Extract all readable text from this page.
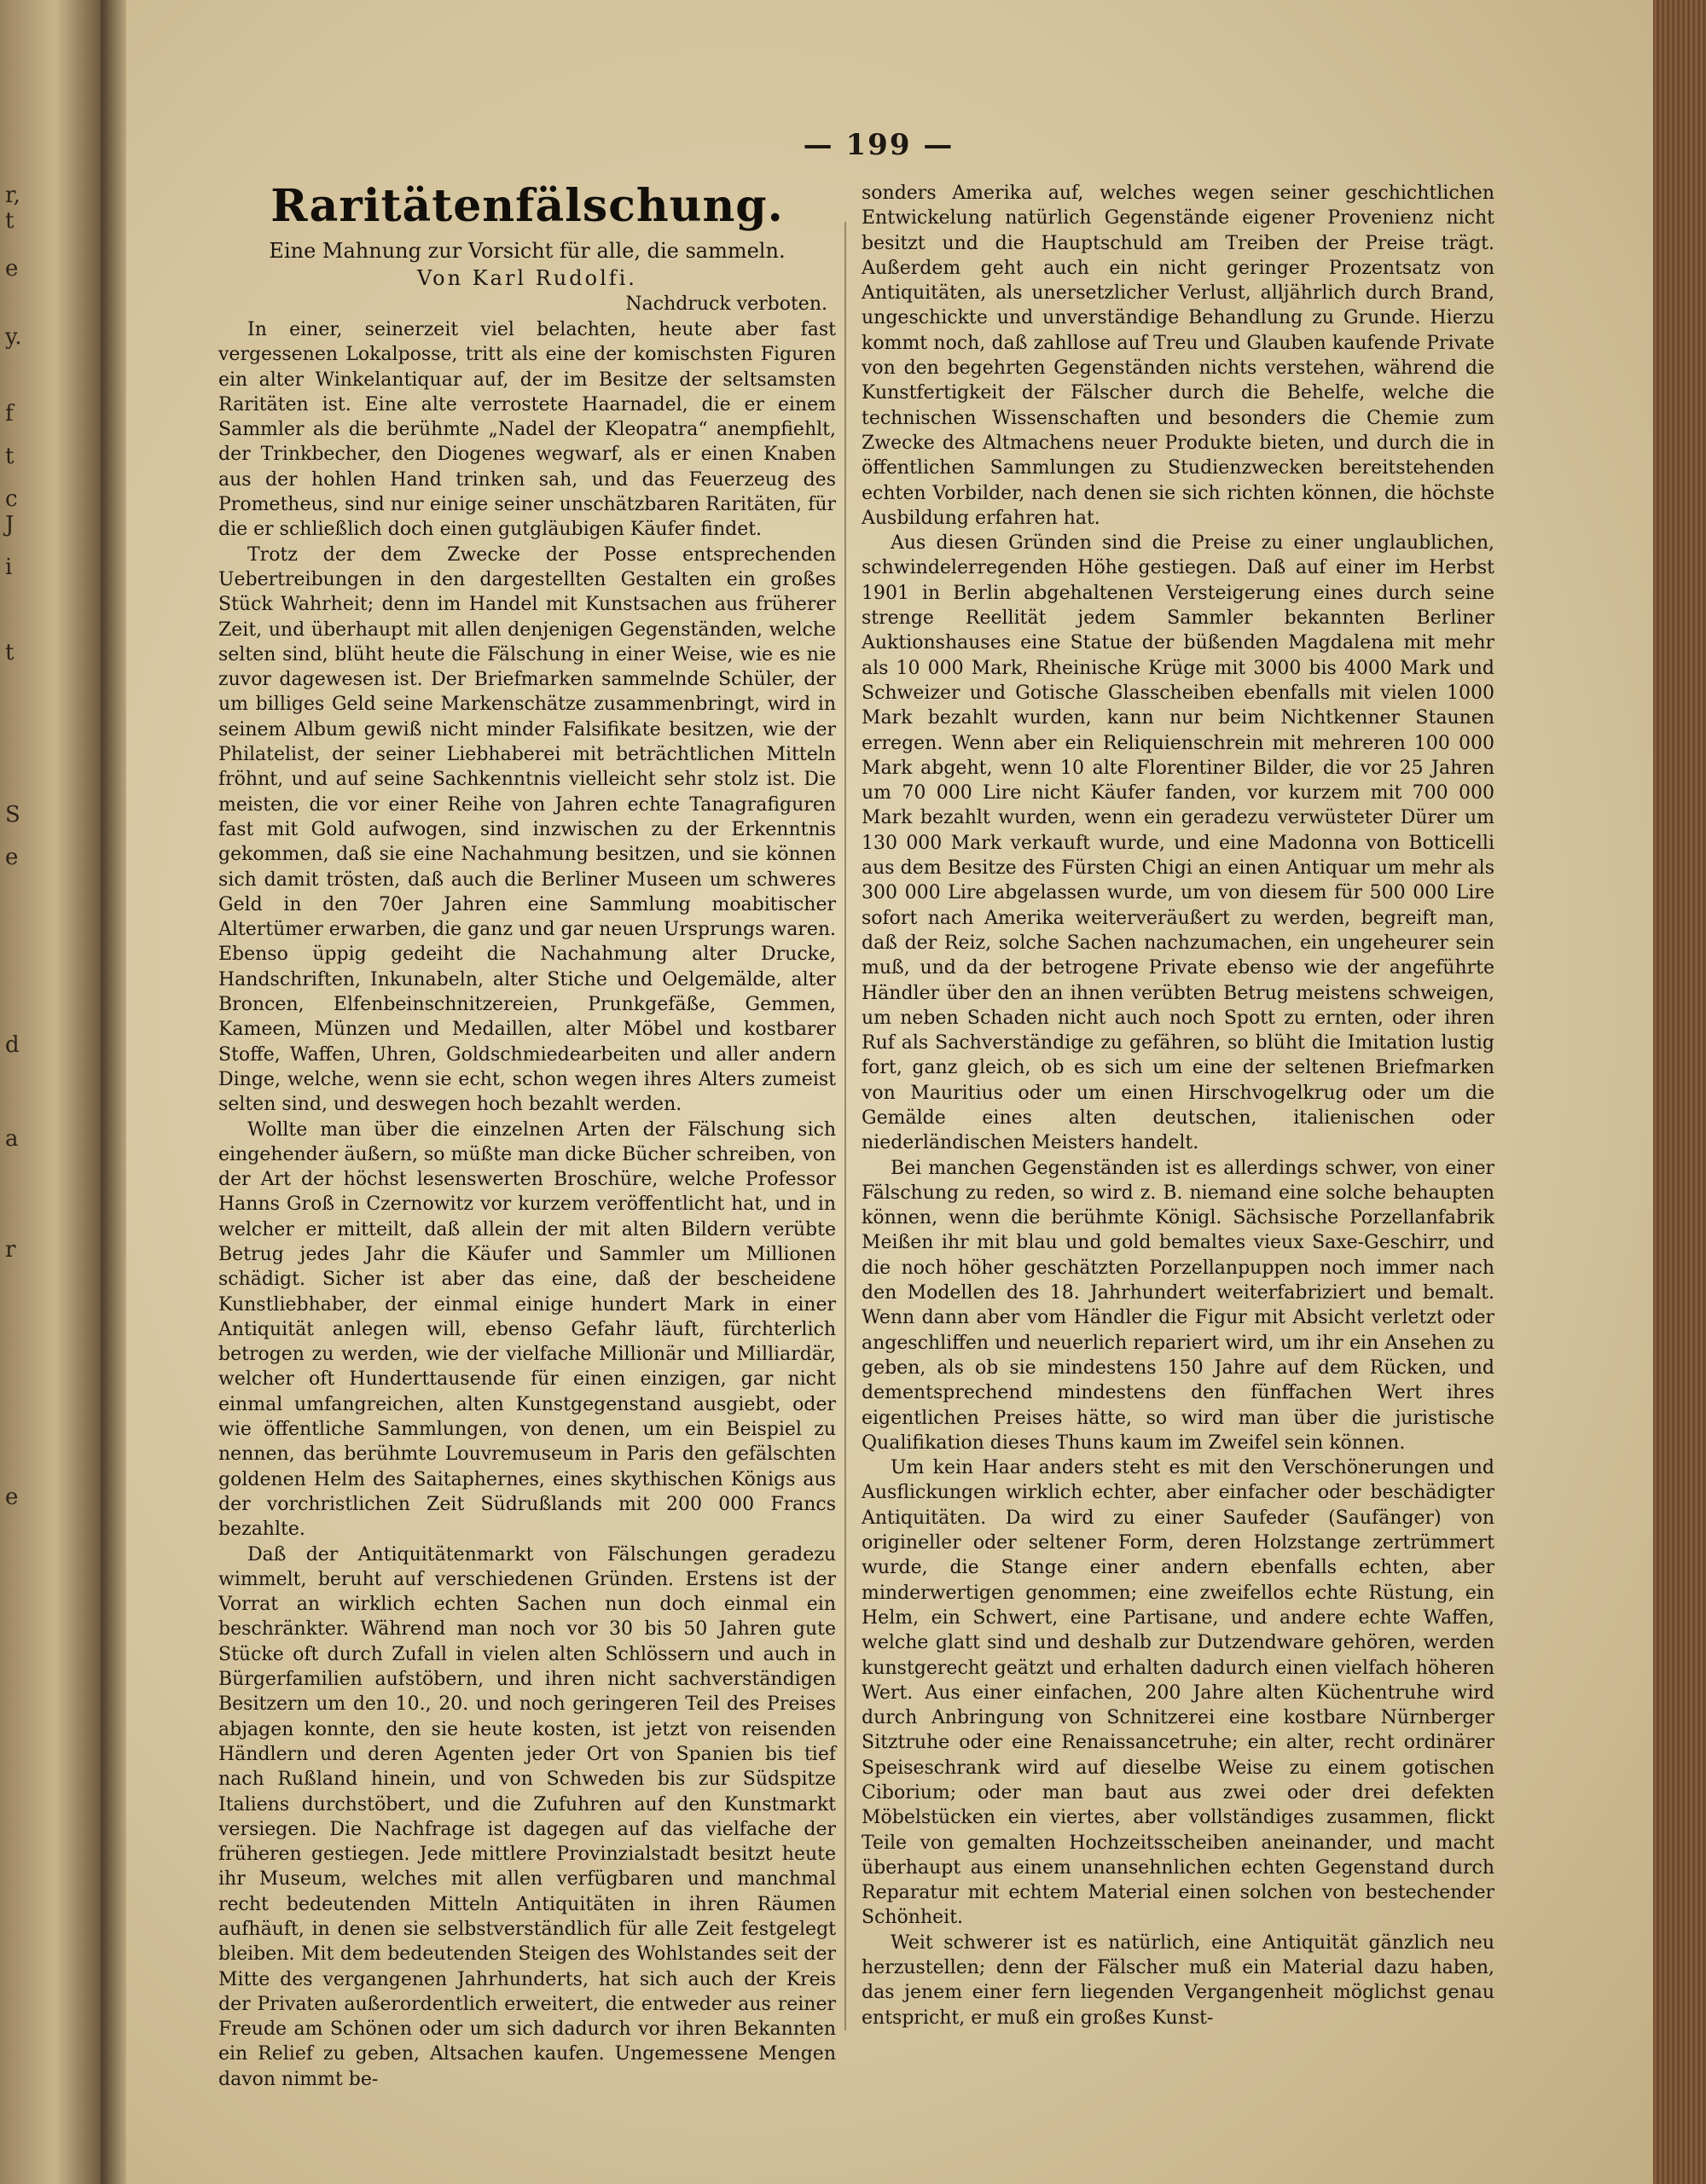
r,
t
e
y.
f
t
c
J
i
t
S
e
d
a
r
e
— 199 —
Raritätenfälschung.

Eine Mahnung zur Vorsicht für alle, die sammeln.

Von Karl Rudolfi.

Nachdruck verboten.

In einer, seinerzeit viel belachten, heute aber fast vergessenen Lokalposse, tritt als eine der komischsten Figuren ein alter Winkelantiquar auf, der im Besitze der seltsamsten Raritäten ist. Eine alte verrostete Haarnadel, die er einem Sammler als die berühmte „Nadel der Kleopatra“ anempfiehlt, der Trinkbecher, den Diogenes wegwarf, als er einen Knaben aus der hohlen Hand trinken sah, und das Feuerzeug des Prometheus, sind nur einige seiner unschätzbaren Raritäten, für die er schließlich doch einen gutgläubigen Käufer findet.

Trotz der dem Zwecke der Posse entsprechenden Uebertreibungen in den dargestellten Gestalten ein großes Stück Wahrheit; denn im Handel mit Kunstsachen aus früherer Zeit, und überhaupt mit allen denjenigen Gegenständen, welche selten sind, blüht heute die Fälschung in einer Weise, wie es nie zuvor dagewesen ist. Der Briefmarken sammelnde Schüler, der um billiges Geld seine Markenschätze zusammenbringt, wird in seinem Album gewiß nicht minder Falsifikate besitzen, wie der Philatelist, der seiner Liebhaberei mit beträchtlichen Mitteln fröhnt, und auf seine Sachkenntnis vielleicht sehr stolz ist. Die meisten, die vor einer Reihe von Jahren echte Tanagrafiguren fast mit Gold aufwogen, sind inzwischen zu der Erkenntnis gekommen, daß sie eine Nachahmung besitzen, und sie können sich damit trösten, daß auch die Berliner Museen um schweres Geld in den 70er Jahren eine Sammlung moabitischer Altertümer erwarben, die ganz und gar neuen Ursprungs waren. Ebenso üppig gedeiht die Nachahmung alter Drucke, Handschriften, Inkunabeln, alter Stiche und Oelgemälde, alter Broncen, Elfenbeinschnitzereien, Prunkgefäße, Gemmen, Kameen, Münzen und Medaillen, alter Möbel und kostbarer Stoffe, Waffen, Uhren, Goldschmiedearbeiten und aller andern Dinge, welche, wenn sie echt, schon wegen ihres Alters zumeist selten sind, und deswegen hoch bezahlt werden.

Wollte man über die einzelnen Arten der Fälschung sich eingehender äußern, so müßte man dicke Bücher schreiben, von der Art der höchst lesenswerten Broschüre, welche Professor Hanns Groß in Czernowitz vor kurzem veröffentlicht hat, und in welcher er mitteilt, daß allein der mit alten Bildern verübte Betrug jedes Jahr die Käufer und Sammler um Millionen schädigt. Sicher ist aber das eine, daß der bescheidene Kunstliebhaber, der einmal einige hundert Mark in einer Antiquität anlegen will, ebenso Gefahr läuft, fürchterlich betrogen zu werden, wie der vielfache Millionär und Milliardär, welcher oft Hunderttausende für einen einzigen, gar nicht einmal umfangreichen, alten Kunstgegenstand ausgiebt, oder wie öffentliche Sammlungen, von denen, um ein Beispiel zu nennen, das berühmte Louvremuseum in Paris den gefälschten goldenen Helm des Saitaphernes, eines skythischen Königs aus der vorchristlichen Zeit Südrußlands mit 200 000 Francs bezahlte.

Daß der Antiquitätenmarkt von Fälschungen geradezu wimmelt, beruht auf verschiedenen Gründen. Erstens ist der Vorrat an wirklich echten Sachen nun doch einmal ein beschränkter. Während man noch vor 30 bis 50 Jahren gute Stücke oft durch Zufall in vielen alten Schlössern und auch in Bürgerfamilien aufstöbern, und ihren nicht sachverständigen Besitzern um den 10., 20. und noch geringeren Teil des Preises abjagen konnte, den sie heute kosten, ist jetzt von reisenden Händlern und deren Agenten jeder Ort von Spanien bis tief nach Rußland hinein, und von Schweden bis zur Südspitze Italiens durchstöbert, und die Zufuhren auf den Kunstmarkt versiegen. Die Nachfrage ist dagegen auf das vielfache der früheren gestiegen. Jede mittlere Provinzialstadt besitzt heute ihr Museum, welches mit allen verfügbaren und manchmal recht bedeutenden Mitteln Antiquitäten in ihren Räumen aufhäuft, in denen sie selbstverständlich für alle Zeit festgelegt bleiben. Mit dem bedeutenden Steigen des Wohlstandes seit der Mitte des vergangenen Jahrhunderts, hat sich auch der Kreis der Privaten außerordentlich erweitert, die entweder aus reiner Freude am Schönen oder um sich dadurch vor ihren Bekannten ein Relief zu geben, Altsachen kaufen. Ungemessene Mengen davon nimmt be-

sonders Amerika auf, welches wegen seiner geschichtlichen Entwickelung natürlich Gegenstände eigener Provenienz nicht besitzt und die Hauptschuld am Treiben der Preise trägt. Außerdem geht auch ein nicht geringer Prozentsatz von Antiquitäten, als unersetzlicher Verlust, alljährlich durch Brand, ungeschickte und unverständige Behandlung zu Grunde. Hierzu kommt noch, daß zahllose auf Treu und Glauben kaufende Private von den begehrten Gegenständen nichts verstehen, während die Kunstfertigkeit der Fälscher durch die Behelfe, welche die technischen Wissenschaften und besonders die Chemie zum Zwecke des Altmachens neuer Produkte bieten, und durch die in öffentlichen Sammlungen zu Studienzwecken bereitstehenden echten Vorbilder, nach denen sie sich richten können, die höchste Ausbildung erfahren hat.

Aus diesen Gründen sind die Preise zu einer unglaublichen, schwindelerregenden Höhe gestiegen. Daß auf einer im Herbst 1901 in Berlin abgehaltenen Versteigerung eines durch seine strenge Reellität jedem Sammler bekannten Berliner Auktionshauses eine Statue der büßenden Magdalena mit mehr als 10 000 Mark, Rheinische Krüge mit 3000 bis 4000 Mark und Schweizer und Gotische Glasscheiben ebenfalls mit vielen 1000 Mark bezahlt wurden, kann nur beim Nichtkenner Staunen erregen. Wenn aber ein Reliquienschrein mit mehreren 100 000 Mark abgeht, wenn 10 alte Florentiner Bilder, die vor 25 Jahren um 70 000 Lire nicht Käufer fanden, vor kurzem mit 700 000 Mark bezahlt wurden, wenn ein geradezu verwüsteter Dürer um 130 000 Mark verkauft wurde, und eine Madonna von Botticelli aus dem Besitze des Fürsten Chigi an einen Antiquar um mehr als 300 000 Lire abgelassen wurde, um von diesem für 500 000 Lire sofort nach Amerika weiterveräußert zu werden, begreift man, daß der Reiz, solche Sachen nachzumachen, ein ungeheurer sein muß, und da der betrogene Private ebenso wie der angeführte Händler über den an ihnen verübten Betrug meistens schweigen, um neben Schaden nicht auch noch Spott zu ernten, oder ihren Ruf als Sachverständige zu gefähren, so blüht die Imitation lustig fort, ganz gleich, ob es sich um eine der seltenen Briefmarken von Mauritius oder um einen Hirschvogelkrug oder um die Gemälde eines alten deutschen, italienischen oder niederländischen Meisters handelt.

Bei manchen Gegenständen ist es allerdings schwer, von einer Fälschung zu reden, so wird z. B. niemand eine solche behaupten können, wenn die berühmte Königl. Sächsische Porzellanfabrik Meißen ihr mit blau und gold bemaltes vieux Saxe-Geschirr, und die noch höher geschätzten Porzellanpuppen noch immer nach den Modellen des 18. Jahrhundert weiterfabriziert und bemalt. Wenn dann aber vom Händler die Figur mit Absicht verletzt oder angeschliffen und neuerlich repariert wird, um ihr ein Ansehen zu geben, als ob sie mindestens 150 Jahre auf dem Rücken, und dementsprechend mindestens den fünffachen Wert ihres eigentlichen Preises hätte, so wird man über die juristische Qualifikation dieses Thuns kaum im Zweifel sein können.

Um kein Haar anders steht es mit den Verschönerungen und Ausflickungen wirklich echter, aber einfacher oder beschädigter Antiquitäten. Da wird zu einer Saufeder (Saufänger) von origineller oder seltener Form, deren Holzstange zertrümmert wurde, die Stange einer andern ebenfalls echten, aber minderwertigen genommen; eine zweifellos echte Rüstung, ein Helm, ein Schwert, eine Partisane, und andere echte Waffen, welche glatt sind und deshalb zur Dutzendware gehören, werden kunstgerecht geätzt und erhalten dadurch einen vielfach höheren Wert. Aus einer einfachen, 200 Jahre alten Küchentruhe wird durch Anbringung von Schnitzerei eine kostbare Nürnberger Sitztruhe oder eine Renaissancetruhe; ein alter, recht ordinärer Speiseschrank wird auf dieselbe Weise zu einem gotischen Ciborium; oder man baut aus zwei oder drei defekten Möbelstücken ein viertes, aber vollständiges zusammen, flickt Teile von gemalten Hochzeitsscheiben aneinander, und macht überhaupt aus einem unansehnlichen echten Gegenstand durch Reparatur mit echtem Material einen solchen von bestechender Schönheit.

Weit schwerer ist es natürlich, eine Antiquität gänzlich neu herzustellen; denn der Fälscher muß ein Material dazu haben, das jenem einer fern liegenden Vergangenheit möglichst genau entspricht, er muß ein großes Kunst-
